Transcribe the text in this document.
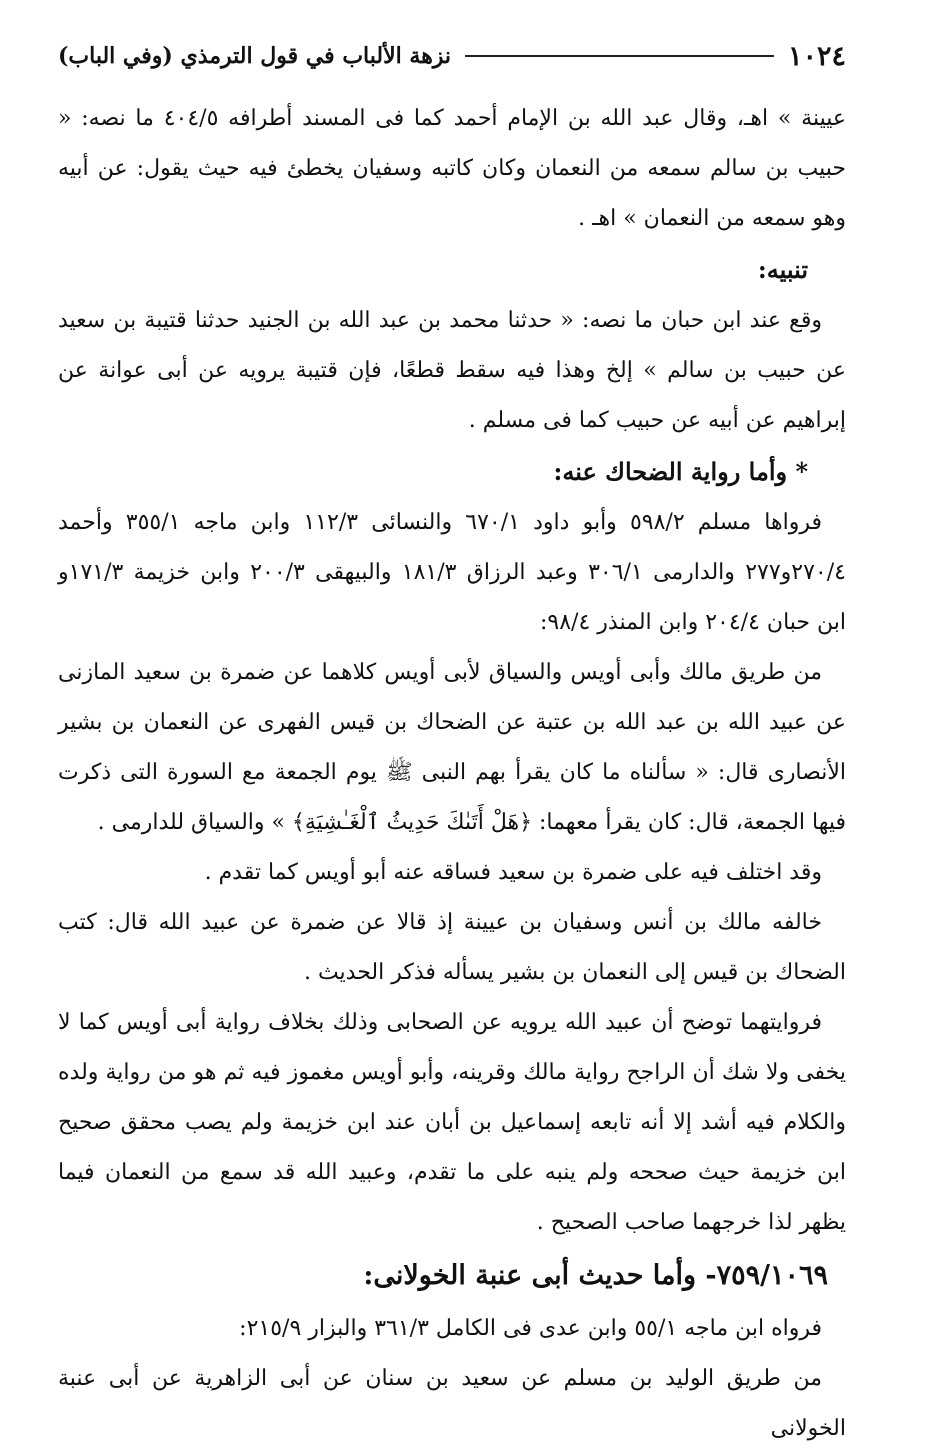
١٠٢٤
نزهة الألباب في قول الترمذي (وفي الباب)

عيينة » اهـ، وقال عبد الله بن الإمام أحمد كما فى المسند أطرافه ٤٠٤/٥ ما نصه: « حبيب بن سالم سمعه من النعمان وكان كاتبه وسفيان يخطئ فيه حيث يقول: عن أبيه وهو سمعه من النعمان » اهـ .

تنبيه:

وقع عند ابن حبان ما نصه: « حدثنا محمد بن عبد الله بن الجنيد حدثنا قتيبة بن سعيد عن حبيب بن سالم » إلخ وهذا فيه سقط قطعًا، فإن قتيبة يرويه عن أبى عوانة عن إبراهيم عن أبيه عن حبيب كما فى مسلم .

* وأما رواية الضحاك عنه:

فرواها مسلم ٥٩٨/٢ وأبو داود ٦٧٠/١ والنسائى ١١٢/٣ وابن ماجه ٣٥٥/١ وأحمد ٢٧٠/٤و٢٧٧ والدارمى ٣٠٦/١ وعبد الرزاق ١٨١/٣ والبيهقى ٢٠٠/٣ وابن خزيمة ١٧١/٣و ابن حبان ٢٠٤/٤ وابن المنذر ٩٨/٤:

من طريق مالك وأبى أويس والسياق لأبى أويس كلاهما عن ضمرة بن سعيد المازنى عن عبيد الله بن عبد الله بن عتبة عن الضحاك بن قيس الفهرى عن النعمان بن بشير الأنصارى قال: « سألناه ما كان يقرأ بهم النبى ﷺ يوم الجمعة مع السورة التى ذكرت فيها الجمعة، قال: كان يقرأ معهما: ﴿هَلْ أَتَىٰكَ حَدِيثُ ٱلْغَـٰشِيَةِ﴾ » والسياق للدارمى .

وقد اختلف فيه على ضمرة بن سعيد فساقه عنه أبو أويس كما تقدم .

خالفه مالك بن أنس وسفيان بن عيينة إذ قالا عن ضمرة عن عبيد الله قال: كتب الضحاك بن قيس إلى النعمان بن بشير يسأله فذكر الحديث .

فروايتهما توضح أن عبيد الله يرويه عن الصحابى وذلك بخلاف رواية أبى أويس كما لا يخفى ولا شك أن الراجح رواية مالك وقرينه، وأبو أويس مغموز فيه ثم هو من رواية ولده والكلام فيه أشد إلا أنه تابعه إسماعيل بن أبان عند ابن خزيمة ولم يصب محقق صحيح ابن خزيمة حيث صححه ولم ينبه على ما تقدم، وعبيد الله قد سمع من النعمان فيما يظهر لذا خرجهما صاحب الصحيح .

٧٥٩/١٠٦٩- وأما حديث أبى عنبة الخولانى:

فرواه ابن ماجه ٥٥/١ وابن عدى فى الكامل ٣٦١/٣ والبزار ٢١٥/٩:

من طريق الوليد بن مسلم عن سعيد بن سنان عن أبى الزاهرية عن أبى عنبة الخولانى
